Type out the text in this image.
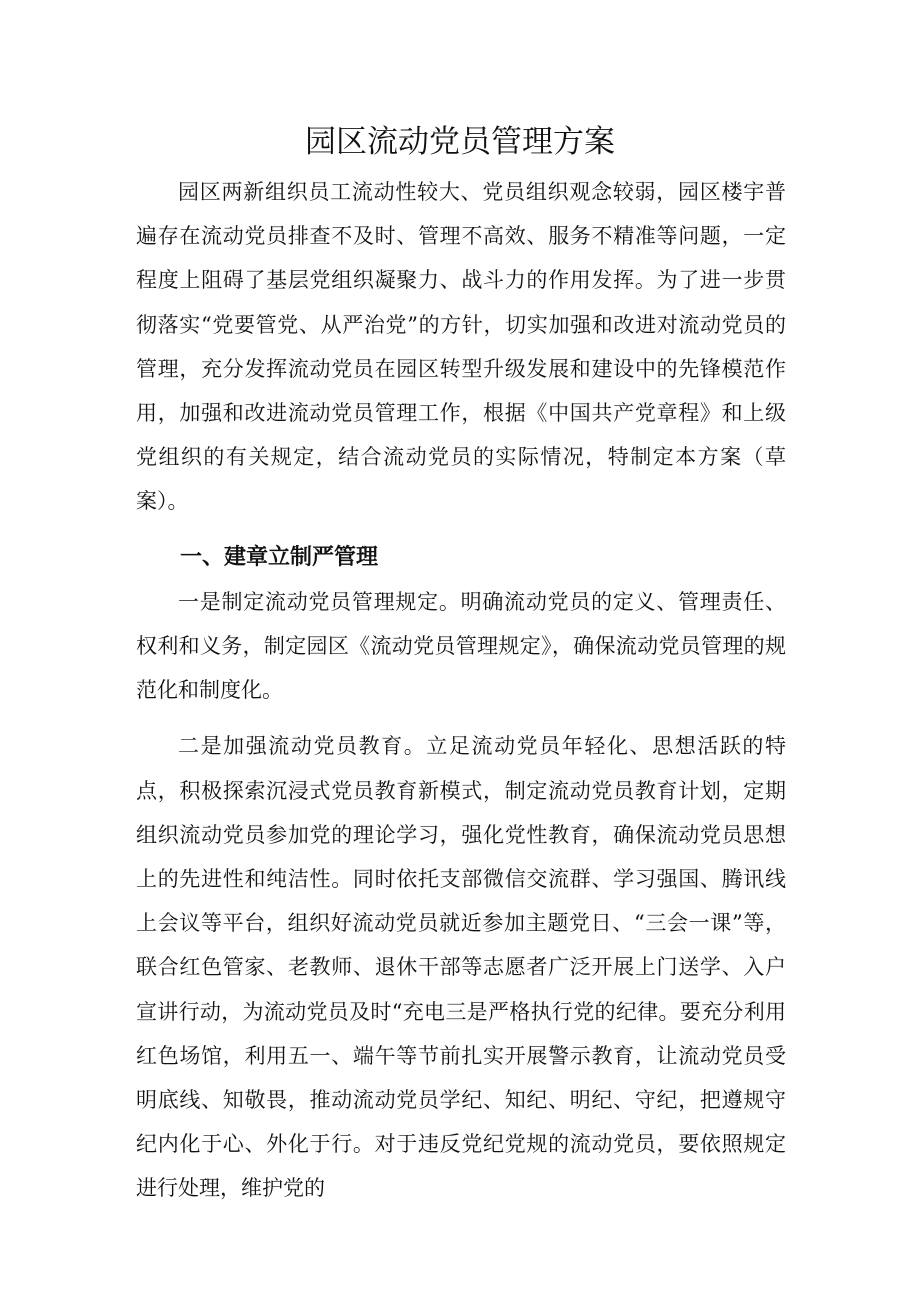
园区流动党员管理方案

园区两新组织员工流动性较大、党员组织观念较弱，园区楼宇普遍存在流动党员排查不及时、管理不高效、服务不精准等问题，一定程度上阻碍了基层党组织凝聚力、战斗力的作用发挥。为了进一步贯彻落实“党要管党、从严治党”的方针，切实加强和改进对流动党员的管理，充分发挥流动党员在园区转型升级发展和建设中的先锋模范作用，加强和改进流动党员管理工作，根据《中国共产党章程》和上级党组织的有关规定，结合流动党员的实际情况，特制定本方案（草案）。

一、建章立制严管理

一是制定流动党员管理规定。明确流动党员的定义、管理责任、权利和义务，制定园区《流动党员管理规定》，确保流动党员管理的规范化和制度化。

二是加强流动党员教育。立足流动党员年轻化、思想活跃的特点，积极探索沉浸式党员教育新模式，制定流动党员教育计划，定期组织流动党员参加党的理论学习，强化党性教育，确保流动党员思想上的先进性和纯洁性。同时依托支部微信交流群、学习强国、腾讯线上会议等平台，组织好流动党员就近参加主题党日、“三会一课”等，联合红色管家、老教师、退休干部等志愿者广泛开展上门送学、入户宣讲行动，为流动党员及时“充电三是严格执行党的纪律。要充分利用红色场馆，利用五一、端午等节前扎实开展警示教育，让流动党员受明底线、知敬畏，推动流动党员学纪、知纪、明纪、守纪，把遵规守纪内化于心、外化于行。对于违反党纪党规的流动党员，要依照规定进行处理，维护党的
